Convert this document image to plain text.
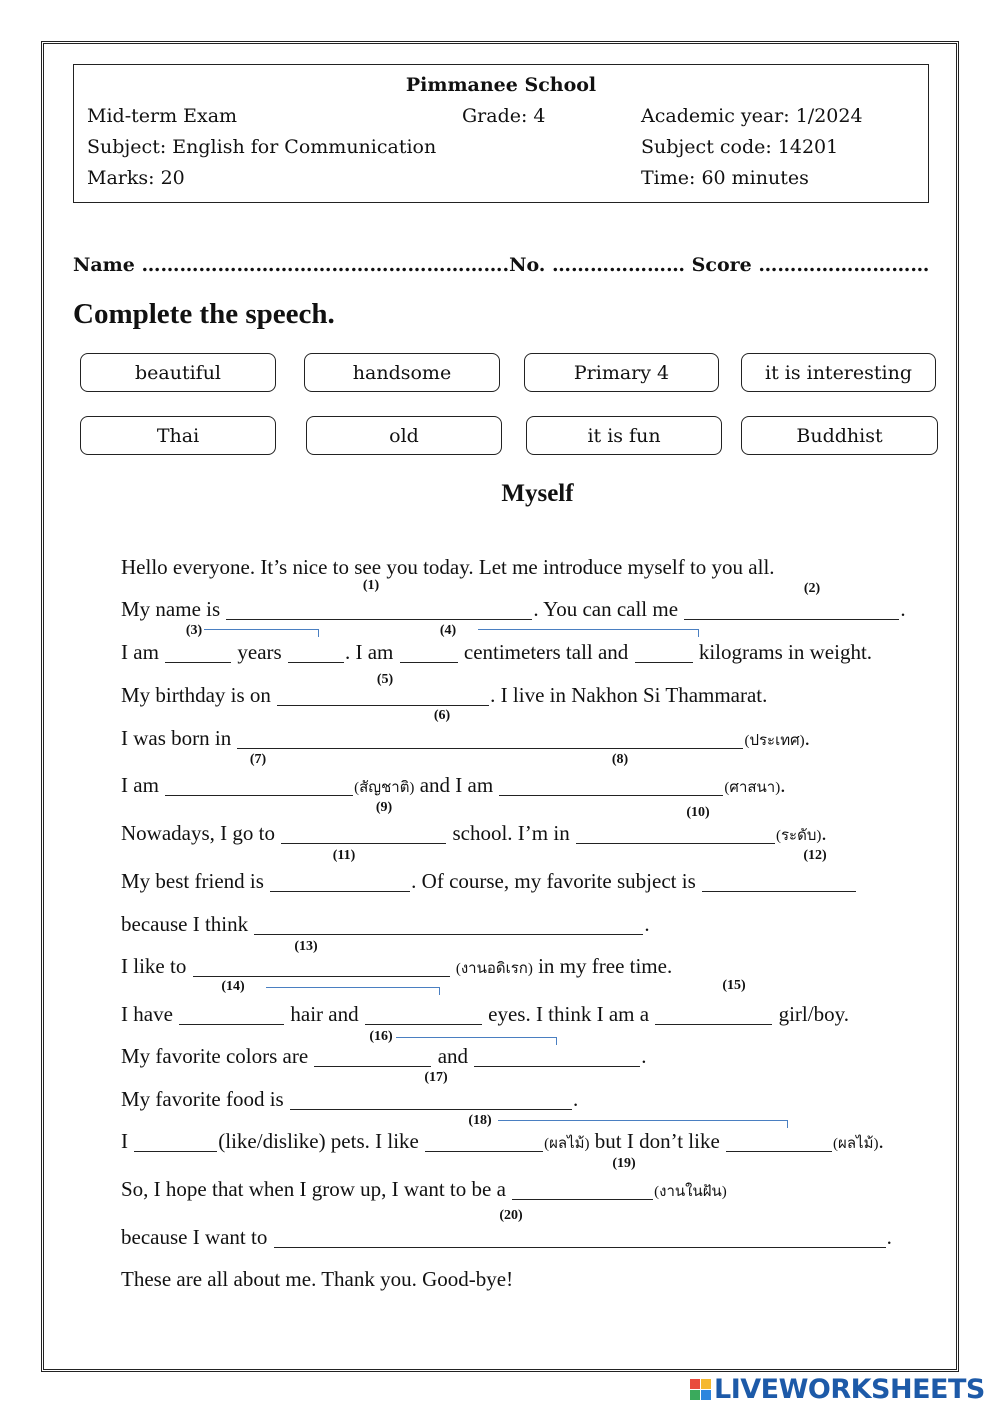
Pimmanee School
Mid-term Exam	Grade: 4	Academic year: 1/2024
Subject: English for Communication	Subject code: 14201
Marks: 20	Time: 60 minutes
Name ………………………………………………….No. ………………… Score ………………………
Complete the speech.
beautiful	handsome	Primary 4	it is interesting
Thai	old	it is fun	Buddhist
Myself
Hello everyone. It’s nice to see you today. Let me introduce myself to you all.
My name is	. You can call me	.
I am	years	. I am	centimeters tall and	kilograms in weight.
My birthday is on	. I live in Nakhon Si Thammarat.
I was born in	(ประเทศ).
I am	(สัญชาติ) and I am	(ศาสนา).
Nowadays, I go to	school. I’m in	(ระดับ).
My best friend is	. Of course, my favorite subject is
because I think	.
I like to	(งานอดิเรก) in my free time.
I have	hair and	eyes. I think I am a	girl/boy.
My favorite colors are	and	.
My favorite food is	.
I	(like/dislike) pets. I like	(ผลไม้) but I don’t like	(ผลไม้).
So, I hope that when I grow up, I want to be a	(งานในฝัน)
because I want to	.
These are all about me. Thank you. Good-bye!
(1)	(2)
(3)	(4)
(5)
(6)
(7)	(8)
(9)	(10)
(11)	(12)
(13)
(14)	(15)
(16)
(17)
(18)
(19)
(20)
LIVEWORKSHEETS
